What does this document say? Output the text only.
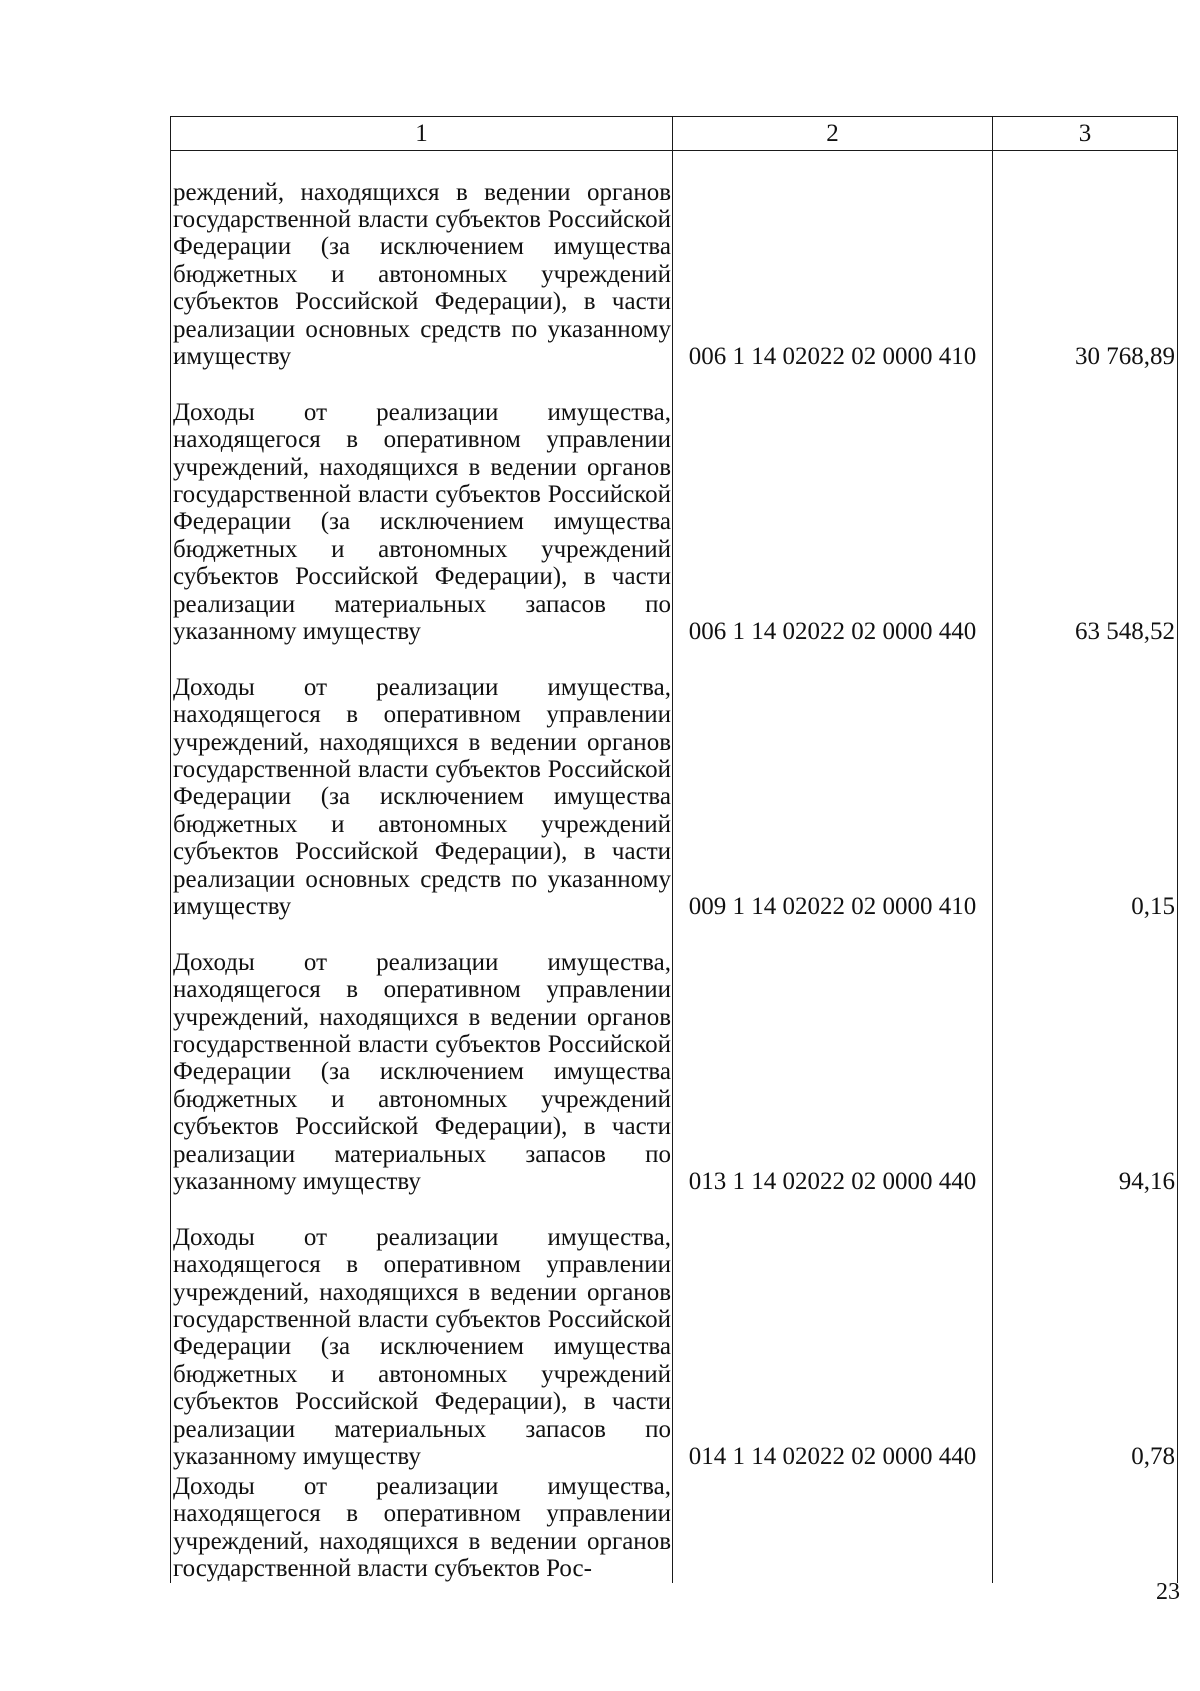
1	2	3
реждений, находящихся в ведении органов государственной власти субъектов Российской Федерации (за исключением имущества бюджетных и автономных учреждений субъектов Российской Федерации), в части реализации основных средств по указанному имуществу	006 1 14 02022 02 0000 410	30 768,89
Доходы от реализации имущества, находящегося в оперативном управлении учреждений, находящихся в ведении органов государственной власти субъектов Российской Федерации (за исключением имущества бюджетных и автономных учреждений субъектов Российской Федерации), в части реализации материальных запасов по указанному имуществу	006 1 14 02022 02 0000 440	63 548,52
Доходы от реализации имущества, находящегося в оперативном управлении учреждений, находящихся в ведении органов государственной власти субъектов Российской Федерации (за исключением имущества бюджетных и автономных учреждений субъектов Российской Федерации), в части реализации основных средств по указанному имуществу	009 1 14 02022 02 0000 410	0,15
Доходы от реализации имущества, находящегося в оперативном управлении учреждений, находящихся в ведении органов государственной власти субъектов Российской Федерации (за исключением имущества бюджетных и автономных учреждений субъектов Российской Федерации), в части реализации материальных запасов по указанному имуществу	013 1 14 02022 02 0000 440	94,16
Доходы от реализации имущества, находящегося в оперативном управлении учреждений, находящихся в ведении органов государственной власти субъектов Российской Федерации (за исключением имущества бюджетных и автономных учреждений субъектов Российской Федерации), в части реализации материальных запасов по указанному имуществу	014 1 14 02022 02 0000 440	0,78
Доходы от реализации имущества, находящегося в оперативном управлении учреждений, находящихся в ведении органов государственной власти субъектов Рос-		
23
